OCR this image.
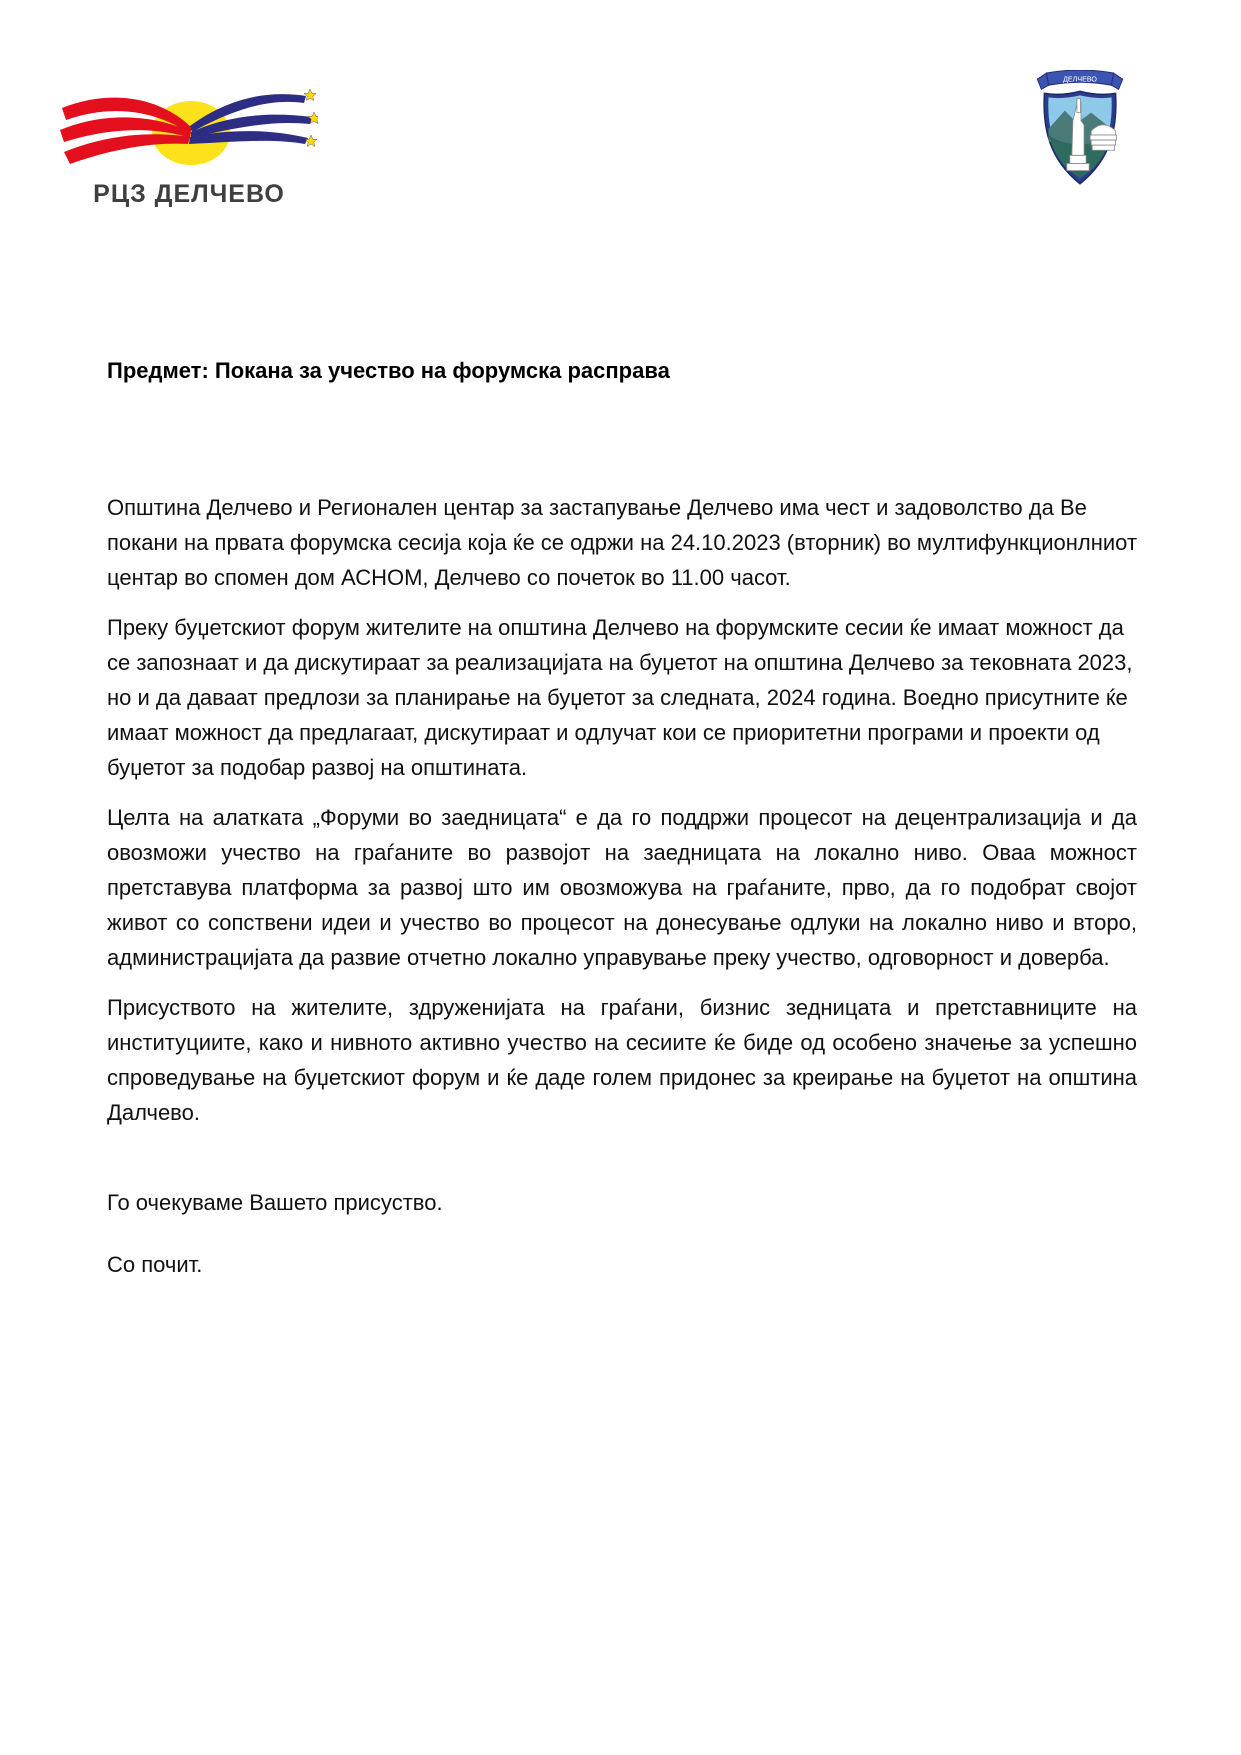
РЦЗ ДЕЛЧЕВО
ДЕЛЧЕВО

Предмет: Покана за учество на форумска расправа

Општина Делчево и Регионален центар за застапување Делчево има чест и задоволство да Ве покани на првата форумска сесија која ќе се одржи на 24.10.2023 (вторник) во мултифункционлниот центар во спомен дом АСНОМ, Делчево со почеток во 11.00 часот.

Преку буџетскиот форум жителите на општина Делчево на форумските сесии ќе имаат можност да се запознаат и да дискутираат за реализацијата на буџетот на општина Делчево за тековната 2023, но и да даваат предлози за планирање на буџетот за следната, 2024 година. Воедно присутните ќе имаат можност да предлагаат, дискутираат и одлучат кои се приоритетни програми и проекти од буџетот за подобар развој на општината.

Целта на алатката „Форуми во заедницата“ е да го поддржи процесот на децентрализација и да овозможи учество на граѓаните во развојот на заедницата на локално ниво. Оваа можност претставува платформа за развој што им овозможува на граѓаните, прво, да го подобрат својот живот со сопствени идеи и учество во процесот на донесување одлуки на локално ниво и второ, администрацијата да развие отчетно локално управување преку учество, одговорност и доверба.

Присуството на жителите, здруженијата на граѓани, бизнис зедницата и претставниците на институциите, како и нивното активно учество на сесиите ќе биде од особено значење за успешно спроведување на буџетскиот форум и ќе даде голем придонес за креирање на буџетот на општина Далчево.

Го очекуваме Вашето присуство.

Со почит.
